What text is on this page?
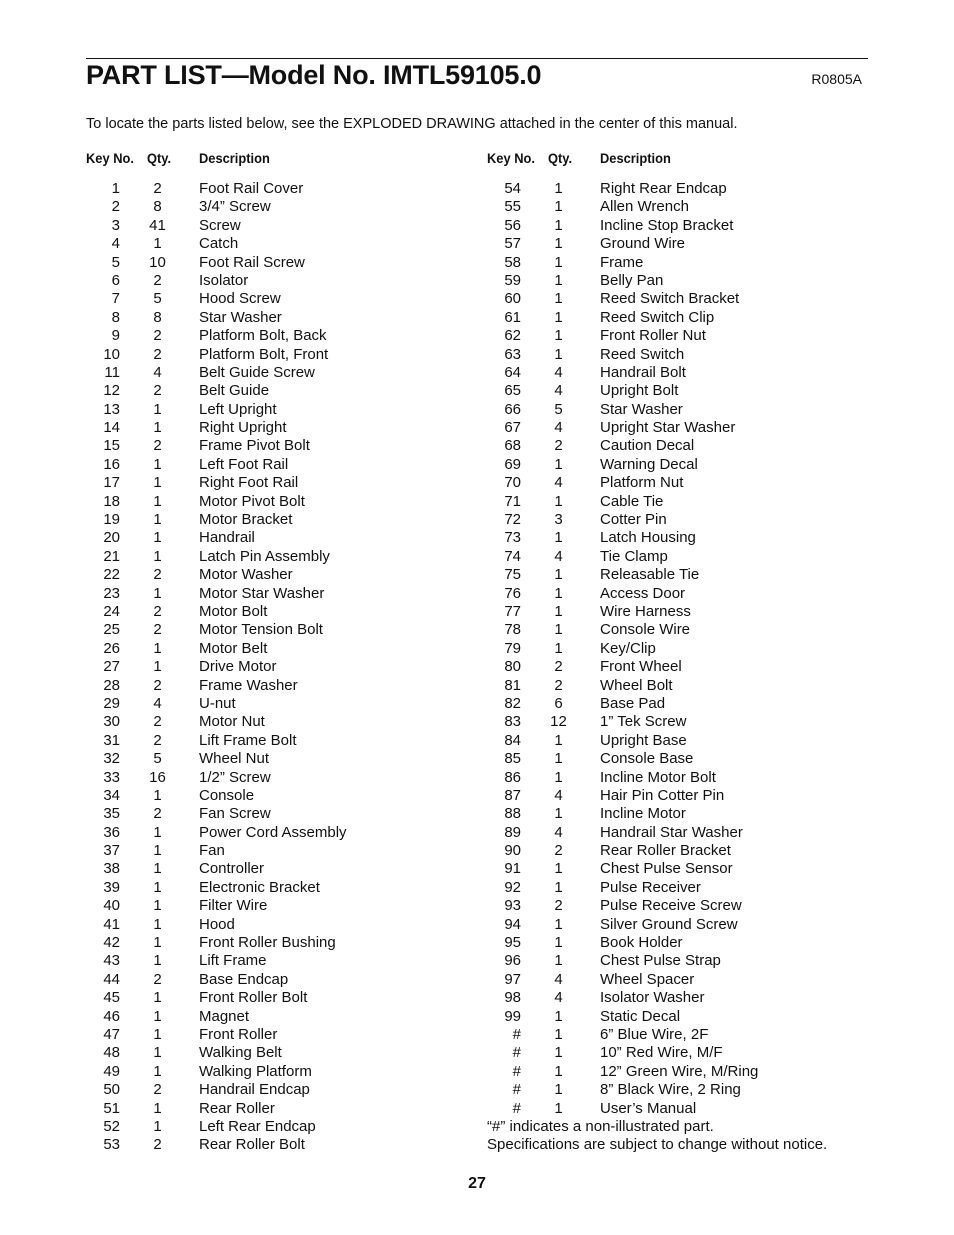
PART LIST—Model No. IMTL59105.0	R0805A
To locate the parts listed below, see the EXPLODED DRAWING attached in the center of this manual.
Key No. Qty. Description
1	2	Foot Rail Cover
2	8	3/4” Screw
3 41 Screw
4	1	Catch
5 10 Foot Rail Screw
6	2	Isolator
7	5	Hood Screw
8	8	Star Washer
9	2	Platform Bolt, Back
10	2	Platform Bolt, Front
11	4	Belt Guide Screw
12	2	Belt Guide
13	1	Left Upright
14	1	Right Upright
15	2	Frame Pivot Bolt
16	1	Left Foot Rail
17	1	Right Foot Rail
18	1	Motor Pivot Bolt
19	1	Motor Bracket
20	1	Handrail
21	1	Latch Pin Assembly
22	2	Motor Washer
23	1	Motor Star Washer
24	2	Motor Bolt
25	2	Motor Tension Bolt
26	1	Motor Belt
27	1	Drive Motor
28	2	Frame Washer
29	4	U-nut
30	2	Motor Nut
31	2	Lift Frame Bolt
32	5	Wheel Nut
33 16 1/2” Screw
34	1	Console
35	2	Fan Screw
36	1	Power Cord Assembly
37	1	Fan
38	1	Controller
39	1	Electronic Bracket
40	1	Filter Wire
41	1	Hood
42	1	Front Roller Bushing
43	1	Lift Frame
44	2	Base Endcap
45	1	Front Roller Bolt
46	1	Magnet
47	1	Front Roller
48	1	Walking Belt
49	1	Walking Platform
50	2	Handrail Endcap
51	1	Rear Roller
52	1	Left Rear Endcap
53	2	Rear Roller Bolt
Key No. Qty. Description
54	1	Right Rear Endcap
55	1	Allen Wrench
56	1	Incline Stop Bracket
57	1	Ground Wire
58	1	Frame
59	1	Belly Pan
60	1	Reed Switch Bracket
61	1	Reed Switch Clip
62	1	Front Roller Nut
63	1	Reed Switch
64	4	Handrail Bolt
65	4	Upright Bolt
66	5	Star Washer
67	4	Upright Star Washer
68	2	Caution Decal
69	1	Warning Decal
70	4	Platform Nut
71	1	Cable Tie
72	3	Cotter Pin
73	1	Latch Housing
74	4	Tie Clamp
75	1	Releasable Tie
76	1	Access Door
77	1	Wire Harness
78	1	Console Wire
79	1	Key/Clip
80	2	Front Wheel
81	2	Wheel Bolt
82	6	Base Pad
83 12 1” Tek Screw
84	1	Upright Base
85	1	Console Base
86	1	Incline Motor Bolt
87	4	Hair Pin Cotter Pin
88	1	Incline Motor
89	4	Handrail Star Washer
90	2	Rear Roller Bracket
91	1	Chest Pulse Sensor
92	1	Pulse Receiver
93	2	Pulse Receive Screw
94	1	Silver Ground Screw
95	1	Book Holder
96	1	Chest Pulse Strap
97	4	Wheel Spacer
98	4	Isolator Washer
99	1	Static Decal
#	1	6” Blue Wire, 2F
#	1	10” Red Wire, M/F
#	1	12” Green Wire, M/Ring
#	1	8” Black Wire, 2 Ring
#	1	User’s Manual
“#” indicates a non-illustrated part.
Specifications are subject to change without notice.
27
